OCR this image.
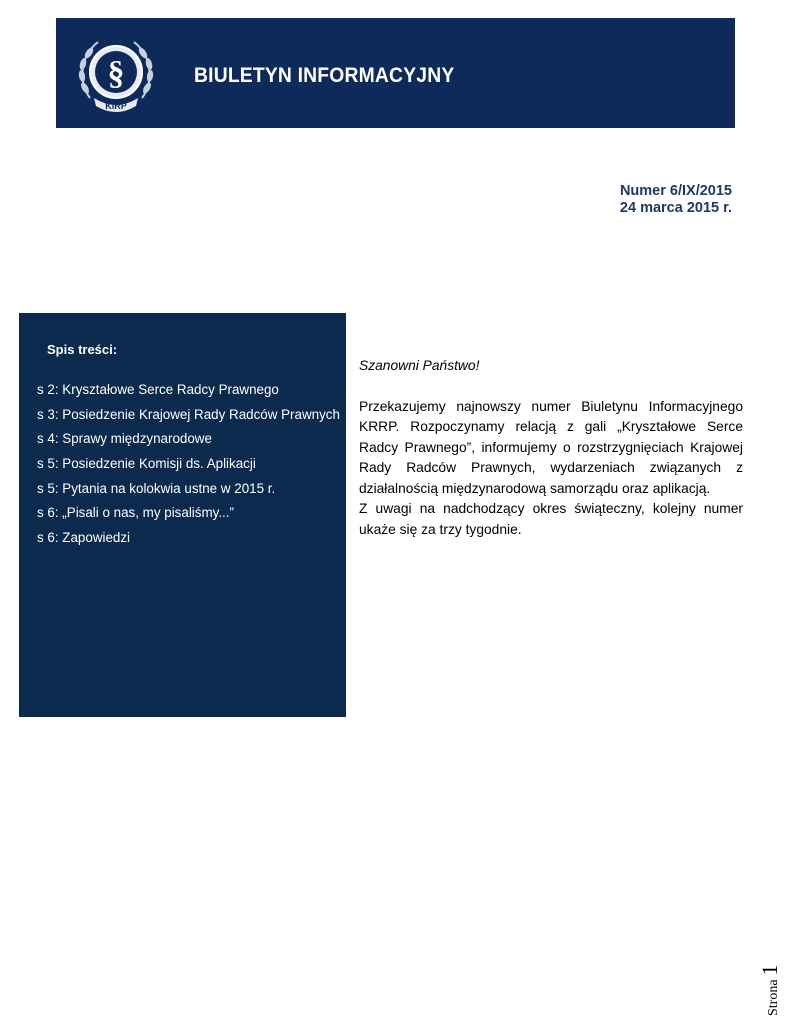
§
KIRP
BIULETYN INFORMACYJNY
Numer 6/IX/2015
24 marca 2015 r.
Spis treści:
s 2: Kryształowe Serce Radcy Prawnego
s 3: Posiedzenie Krajowej Rady Radców Prawnych
s 4: Sprawy międzynarodowe
s 5: Posiedzenie Komisji ds. Aplikacji
s 5: Pytania na kolokwia ustne w 2015 r.
s 6: „Pisali o nas, my pisaliśmy...”
s 6: Zapowiedzi

Szanowni Państwo!

Przekazujemy najnowszy numer Biuletynu Informacyjnego KRRP. Rozpoczynamy relacją z gali „Kryształowe Serce Radcy Prawnego”, informujemy o rozstrzygnięciach Krajowej Rady Radców Prawnych, wydarzeniach związanych z działalnością międzynarodową samorządu oraz aplikacją.

Z uwagi na nadchodzący okres świąteczny, kolejny numer ukaże się za trzy tygodnie.

Strona1
